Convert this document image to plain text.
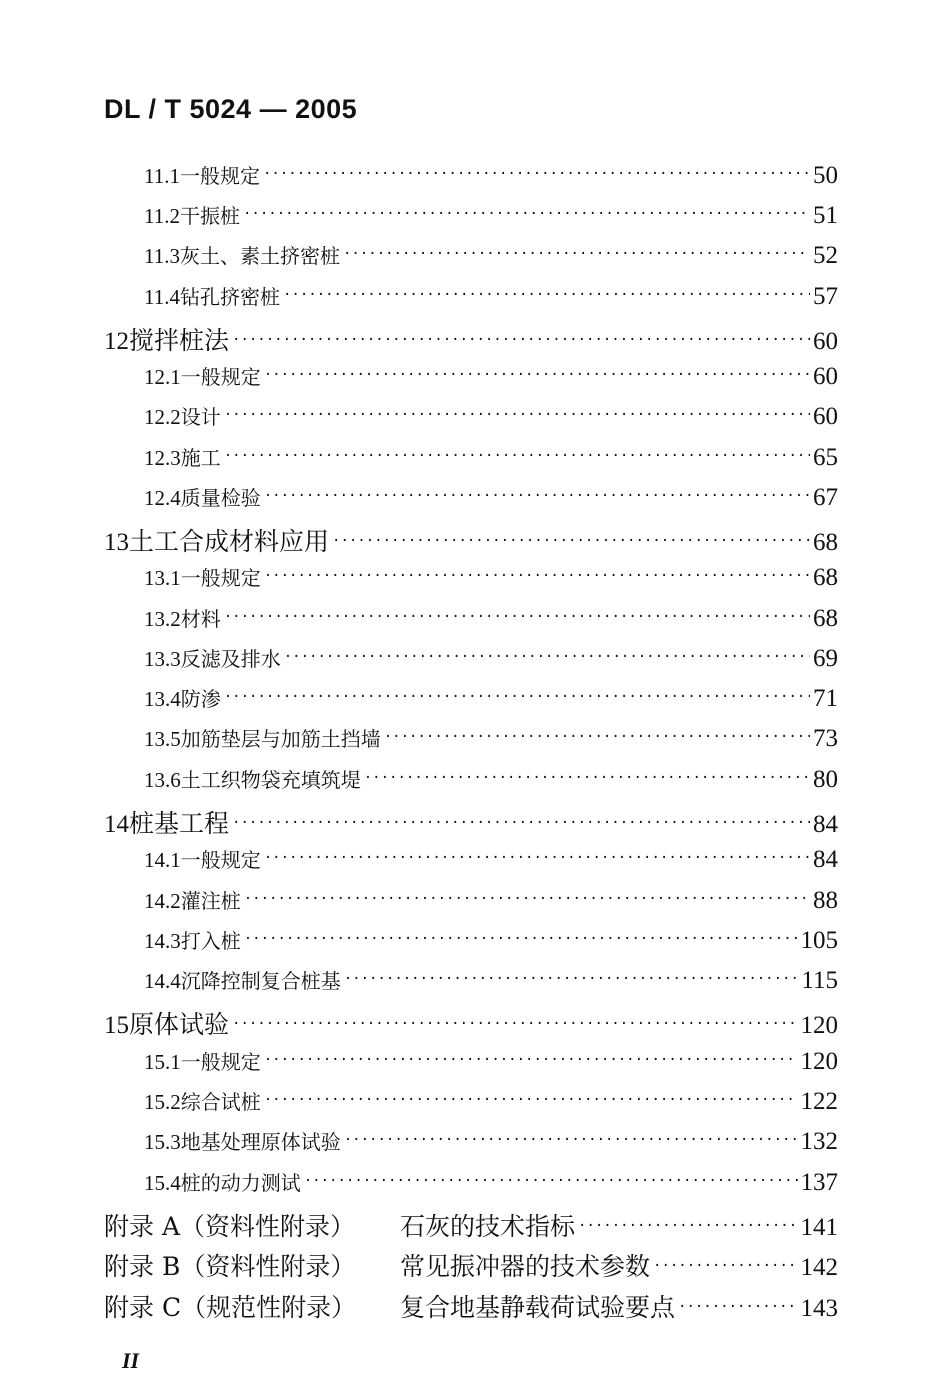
DL / T 5024 — 2005
11.1 一般规定 ·····	50
11.2 干振桩 ·····	51
11.3 灰土、素土挤密桩 ·····	52
11.4 钻孔挤密桩 ·····	57
12 搅拌桩法 ·····	60
12.1 一般规定 ·····	60
12.2 设计 ·····	60
12.3 施工 ·····	65
12.4 质量检验 ·····	67
13 土工合成材料应用 ·····	68
13.1 一般规定 ·····	68
13.2 材料 ·····	68
13.3 反滤及排水 ·····	69
13.4 防渗 ·····	71
13.5 加筋垫层与加筋土挡墙 ·····	73
13.6 土工织物袋充填筑堤 ·····	80
14 桩基工程 ·····	84
14.1 一般规定 ·····	84
14.2 灌注桩 ·····	88
14.3 打入桩 ·····	105
14.4 沉降控制复合桩基 ·····	115
15 原体试验 ·····	120
15.1 一般规定 ·····	120
15.2 综合试桩 ·····	122
15.3 地基处理原体试验 ·····	132
15.4 桩的动力测试 ·····	137
附录 A（资料性附录） 石灰的技术指标 ·····	141
附录 B（资料性附录） 常见振冲器的技术参数 ·····	142
附录 C（规范性附录） 复合地基静载荷试验要点 ·····	143
II
